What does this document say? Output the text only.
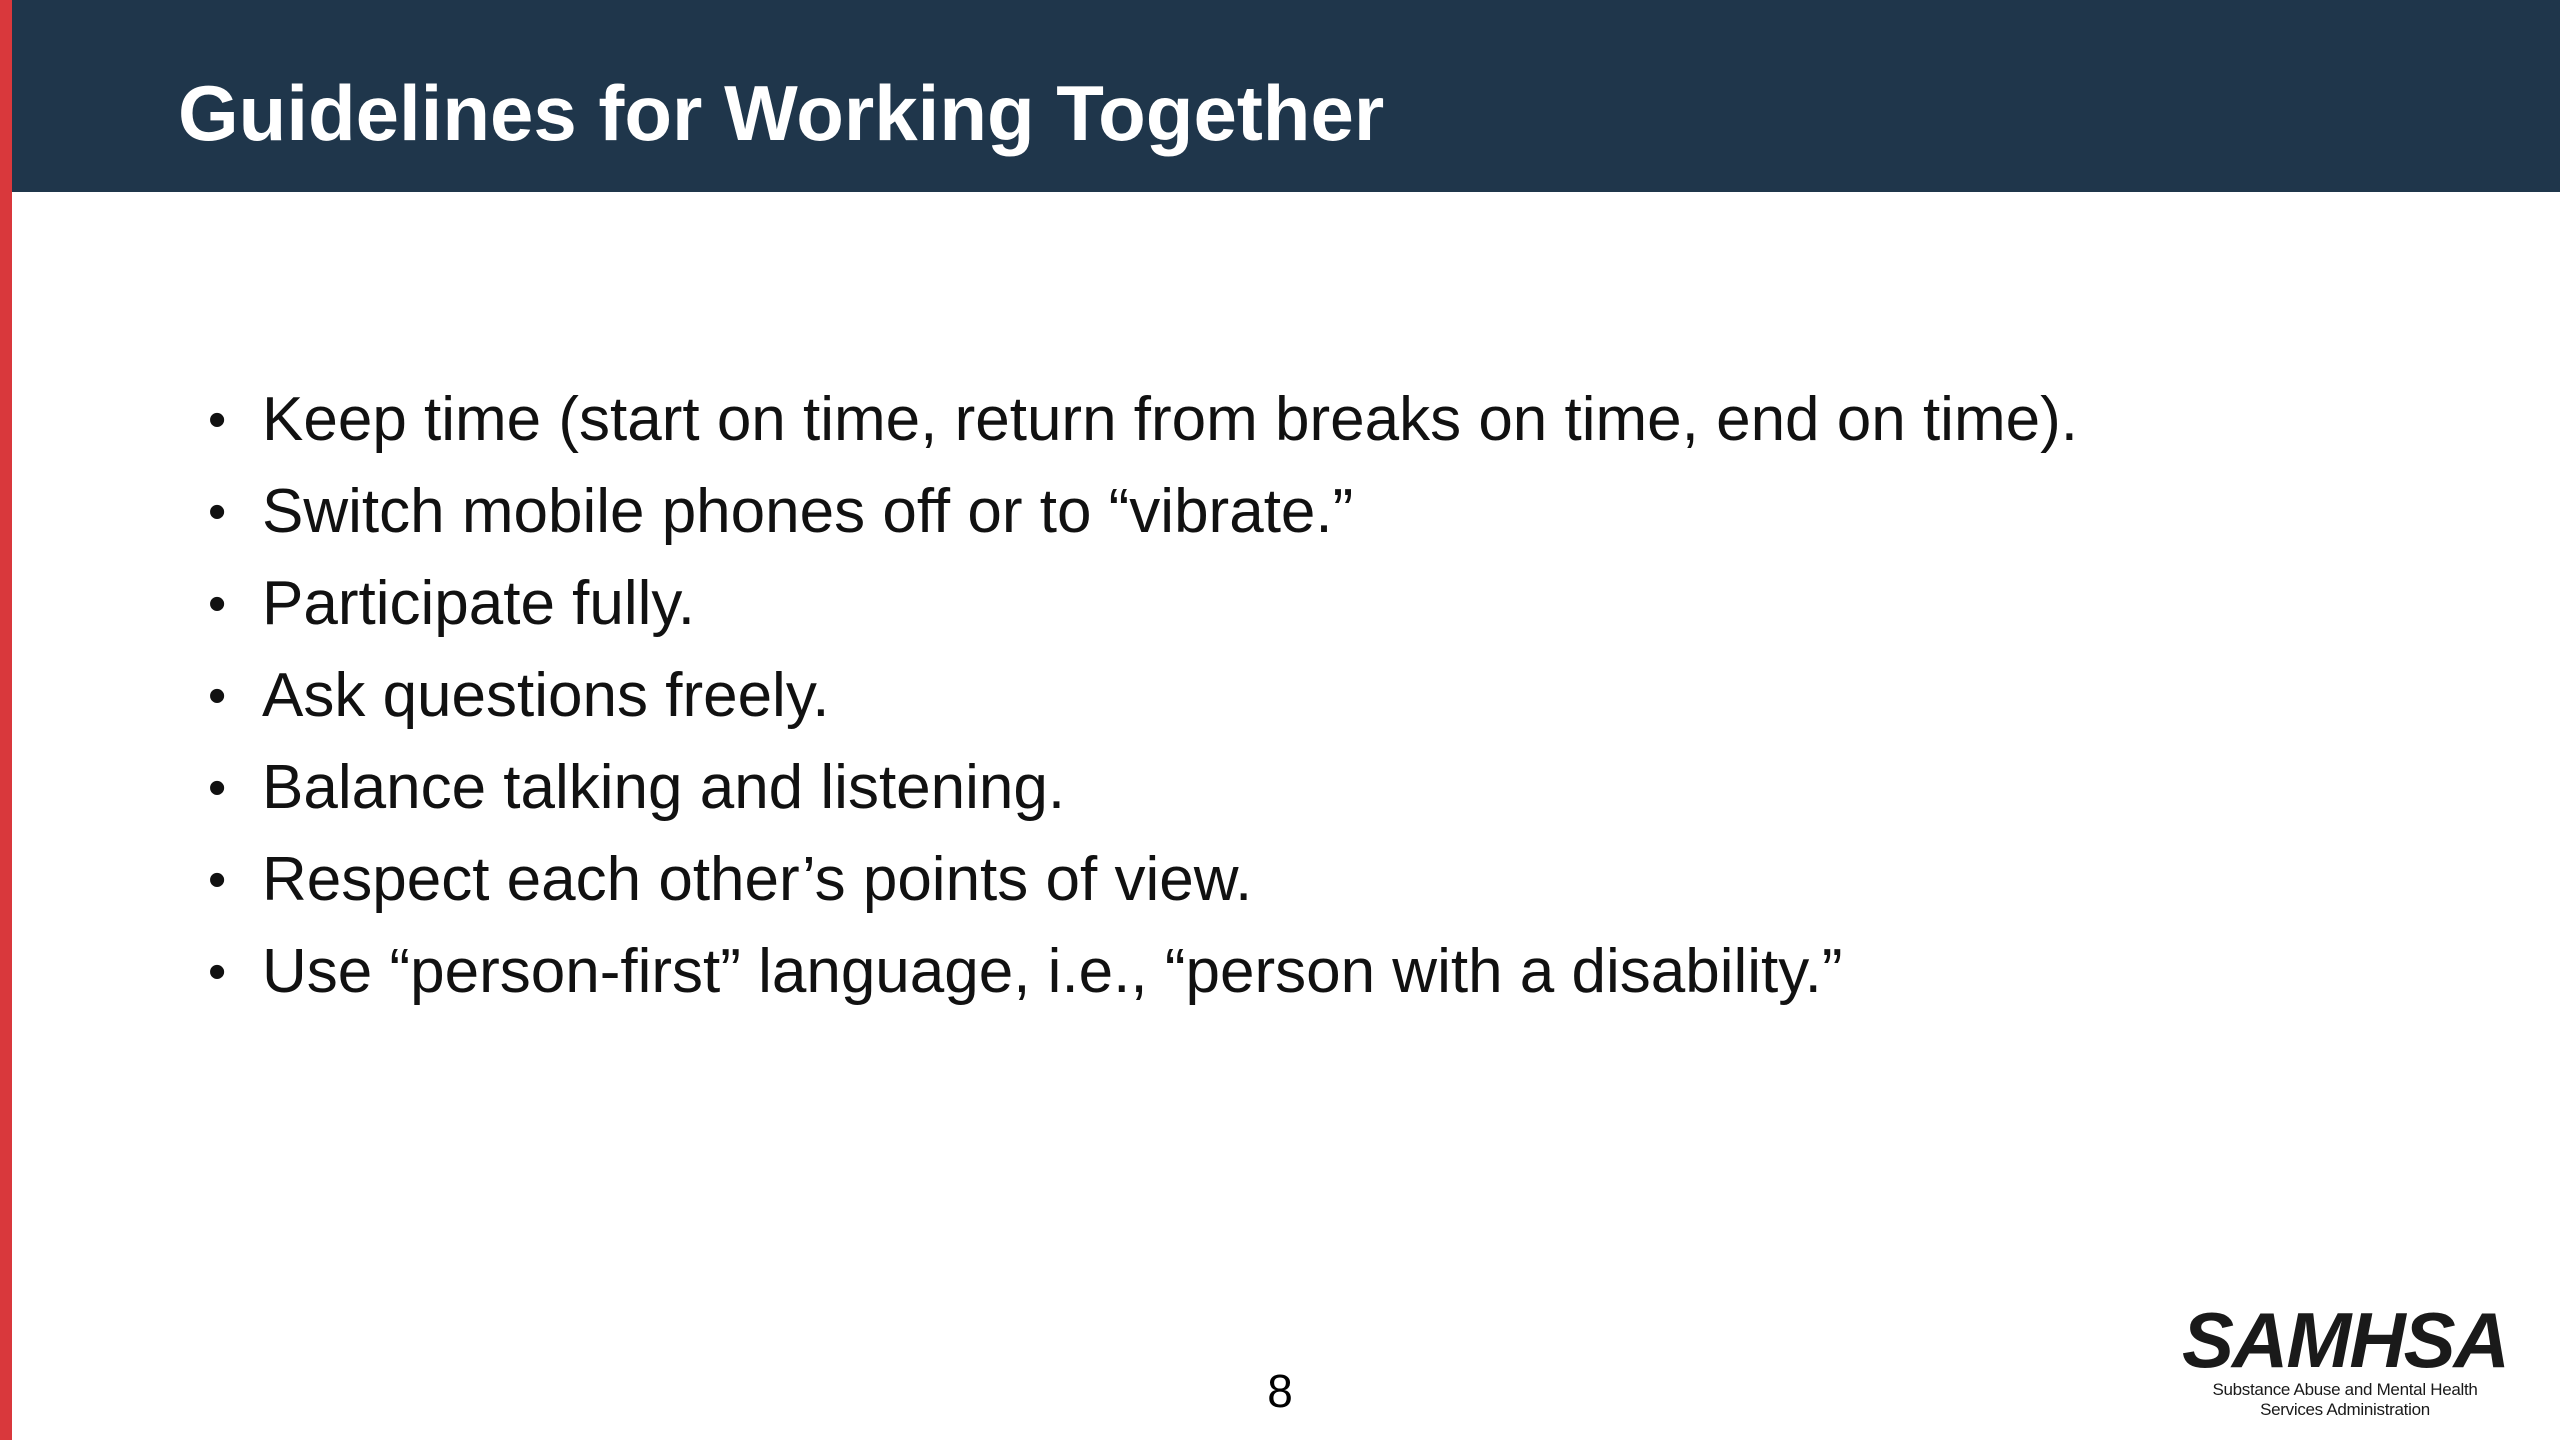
Guidelines for Working Together
• Keep time (start on time, return from breaks on time, end on time).
• Switch mobile phones off or to “vibrate.”
• Participate fully.
• Ask questions freely.
• Balance talking and listening.
• Respect each other’s points of view.
• Use “person-first” language, i.e., “person with a disability.”
8
SAMHSA
Substance Abuse and Mental Health
Services Administration
